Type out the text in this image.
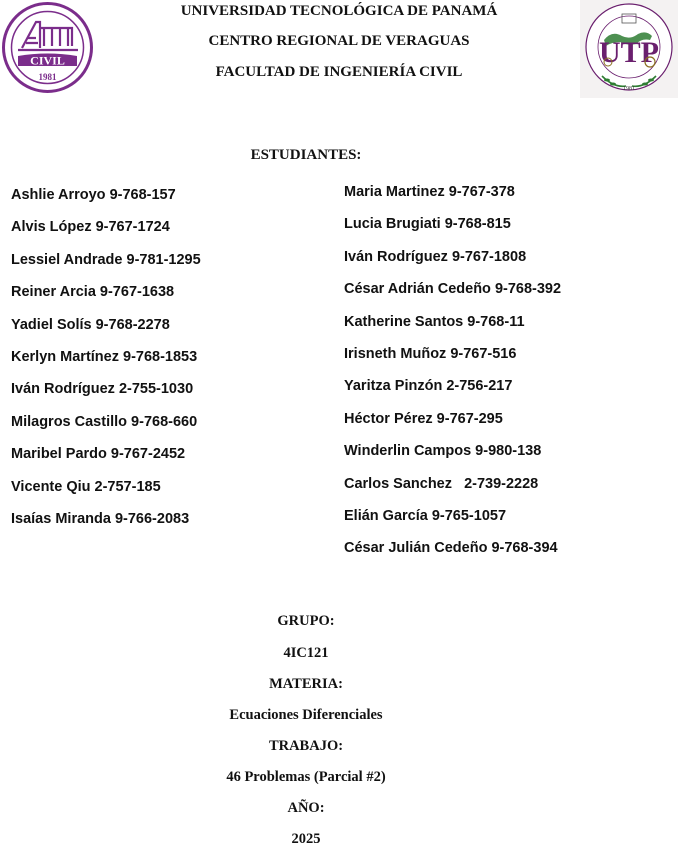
CIVIL
1981
UTP
1981
UNIVERSIDAD TECNOLÓGICA DE PANAMÁ
CENTRO REGIONAL DE VERAGUAS
FACULTAD DE INGENIERÍA CIVIL
ESTUDIANTES:
Ashlie Arroyo 9-768-157
Alvis López 9-767-1724
Lessiel Andrade 9-781-1295
Reiner Arcia 9-767-1638
Yadiel Solís 9-768-2278
Kerlyn Martínez 9-768-1853
Iván Rodríguez 2-755-1030
Milagros Castillo 9-768-660
Maribel Pardo 9-767-2452
Vicente Qiu 2-757-185
Isaías Miranda 9-766-2083
Maria Martinez 9-767-378
Lucia Brugiati 9-768-815
Iván Rodríguez 9-767-1808
César Adrián Cedeño 9-768-392
Katherine Santos 9-768-11
Irisneth Muñoz 9-767-516
Yaritza Pinzón 2-756-217
Héctor Pérez 9-767-295
Winderlin Campos 9-980-138
Carlos Sanchez   2-739-2228
Elián García 9-765-1057
César Julián Cedeño 9-768-394
GRUPO:
4IC121
MATERIA:
Ecuaciones Diferenciales
TRABAJO:
46 Problemas (Parcial #2)
AÑO:
2025
